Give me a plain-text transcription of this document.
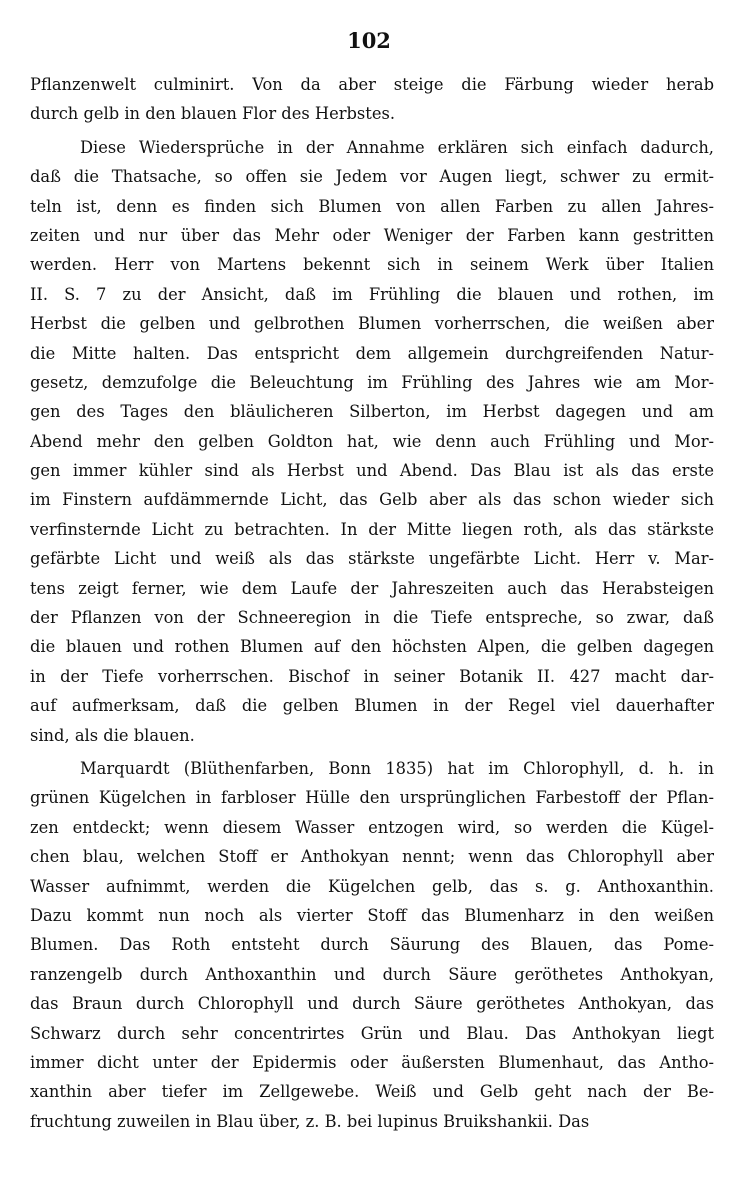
102
Pflanzenwelt culminirt. Von da aber steige die Färbung wieder herab
durch gelb in den blauen Flor des Herbstes.
Diese Wiedersprüche in der Annahme erklären sich einfach dadurch,
daß die Thatsache, so offen sie Jedem vor Augen liegt, schwer zu ermit-
teln ist, denn es finden sich Blumen von allen Farben zu allen Jahres-
zeiten und nur über das Mehr oder Weniger der Farben kann gestritten
werden. Herr von Martens bekennt sich in seinem Werk über Italien
II. S. 7 zu der Ansicht, daß im Frühling die blauen und rothen, im
Herbst die gelben und gelbrothen Blumen vorherrschen, die weißen aber
die Mitte halten. Das entspricht dem allgemein durchgreifenden Natur-
gesetz, demzufolge die Beleuchtung im Frühling des Jahres wie am Mor-
gen des Tages den bläulicheren Silberton, im Herbst dagegen und am
Abend mehr den gelben Goldton hat, wie denn auch Frühling und Mor-
gen immer kühler sind als Herbst und Abend. Das Blau ist als das erste
im Finstern aufdämmernde Licht, das Gelb aber als das schon wieder sich
verfinsternde Licht zu betrachten. In der Mitte liegen roth, als das stärkste
gefärbte Licht und weiß als das stärkste ungefärbte Licht. Herr v. Mar-
tens zeigt ferner, wie dem Laufe der Jahreszeiten auch das Herabsteigen
der Pflanzen von der Schneeregion in die Tiefe entspreche, so zwar, daß
die blauen und rothen Blumen auf den höchsten Alpen, die gelben dagegen
in der Tiefe vorherrschen. Bischof in seiner Botanik II. 427 macht dar-
auf aufmerksam, daß die gelben Blumen in der Regel viel dauerhafter
sind, als die blauen.
Marquardt (Blüthenfarben, Bonn 1835) hat im Chlorophyll, d. h. in
grünen Kügelchen in farbloser Hülle den ursprünglichen Farbestoff der Pflan-
zen entdeckt; wenn diesem Wasser entzogen wird, so werden die Kügel-
chen blau, welchen Stoff er Anthokyan nennt; wenn das Chlorophyll aber
Wasser aufnimmt, werden die Kügelchen gelb, das s. g. Anthoxanthin.
Dazu kommt nun noch als vierter Stoff das Blumenharz in den weißen
Blumen. Das Roth entsteht durch Säurung des Blauen, das Pome-
ranzengelb durch Anthoxanthin und durch Säure geröthetes Anthokyan,
das Braun durch Chlorophyll und durch Säure geröthetes Anthokyan, das
Schwarz durch sehr concentrirtes Grün und Blau. Das Anthokyan liegt
immer dicht unter der Epidermis oder äußersten Blumenhaut, das Antho-
xanthin aber tiefer im Zellgewebe. Weiß und Gelb geht nach der Be-
fruchtung zuweilen in Blau über, z. B. bei lupinus Bruikshankii. Das
